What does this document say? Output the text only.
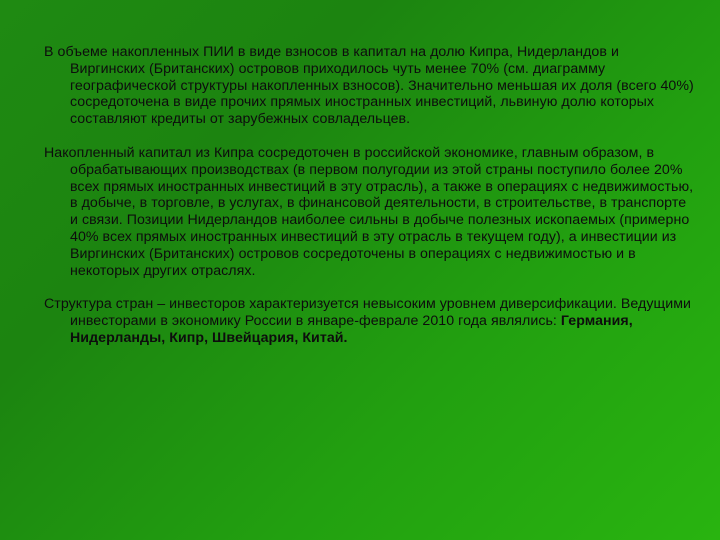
В объеме накопленных ПИИ в виде взносов в капитал на долю Кипра, Нидерландов и Виргинских (Британских) островов приходилось чуть менее 70% (см. диаграмму географической структуры накопленных взносов). Значительно меньшая их доля (всего 40%) сосредоточена в виде прочих прямых иностранных инвестиций, львиную долю которых составляют кредиты от зарубежных совладельцев.

Накопленный капитал из Кипра сосредоточен в российской экономике, главным образом, в обрабатывающих производствах (в первом полугодии из этой страны поступило более 20% всех прямых иностранных инвестиций в эту отрасль), а также в операциях с недвижимостью, в добыче, в торговле, в услугах, в финансовой деятельности, в строительстве, в транспорте и связи. Позиции Нидерландов наиболее сильны в добыче полезных ископаемых (примерно 40% всех прямых иностранных инвестиций в эту отрасль в текущем году), а инвестиции из Виргинских (Британских) островов сосредоточены в операциях с недвижимостью и в некоторых других отраслях.

Структура стран – инвесторов характеризуется невысоким уровнем диверсификации. Ведущими инвесторами в экономику России в январе-феврале 2010 года являлись: Германия, Нидерланды, Кипр, Швейцария, Китай.
